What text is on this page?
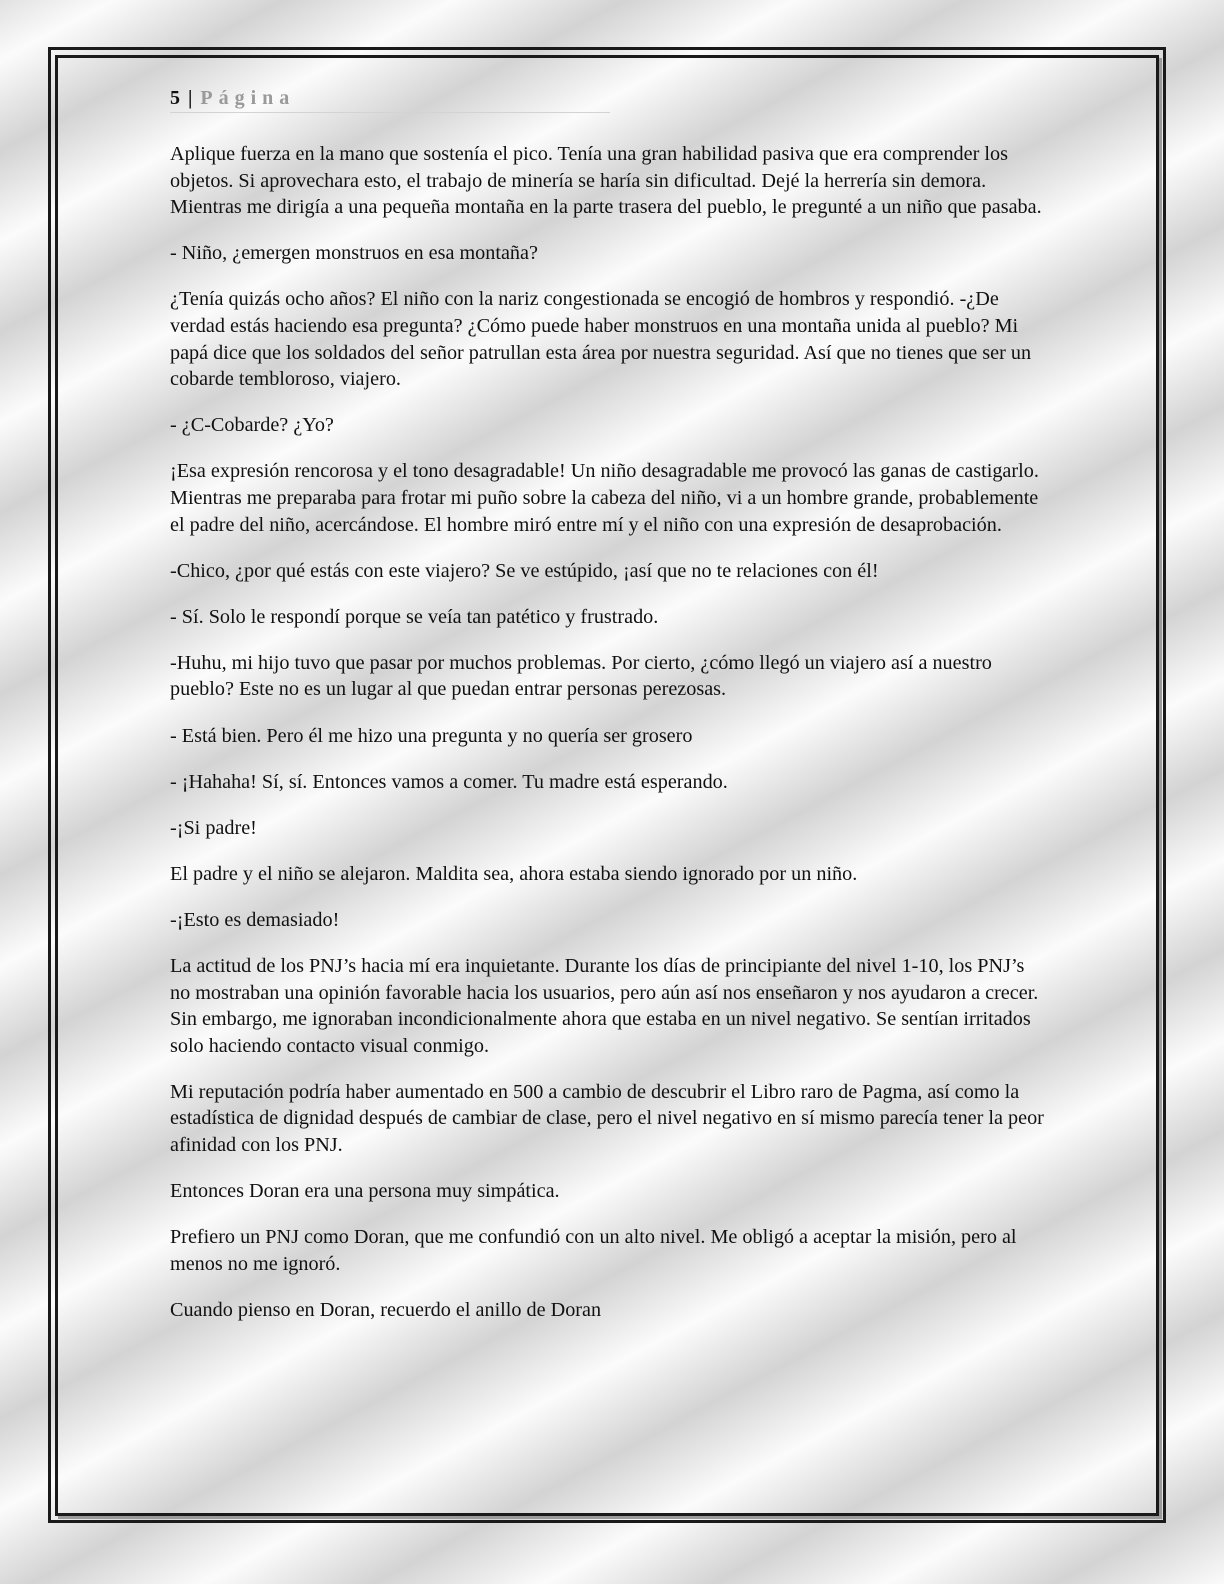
5 | Página

Aplique fuerza en la mano que sostenía el pico. Tenía una gran habilidad pasiva que era comprender los objetos. Si aprovechara esto, el trabajo de minería se haría sin dificultad. Dejé la herrería sin demora. Mientras me dirigía a una pequeña montaña en la parte trasera del pueblo, le pregunté a un niño que pasaba.

- Niño, ¿emergen monstruos en esa montaña?

¿Tenía quizás ocho años? El niño con la nariz congestionada se encogió de hombros y respondió. -¿De verdad estás haciendo esa pregunta? ¿Cómo puede haber monstruos en una montaña unida al pueblo? Mi papá dice que los soldados del señor patrullan esta área por nuestra seguridad. Así que no tienes que ser un cobarde tembloroso, viajero.

- ¿C-Cobarde? ¿Yo?

¡Esa expresión rencorosa y el tono desagradable! Un niño desagradable me provocó las ganas de castigarlo. Mientras me preparaba para frotar mi puño sobre la cabeza del niño, vi a un hombre grande, probablemente el padre del niño, acercándose. El hombre miró entre mí y el niño con una expresión de desaprobación.

-Chico, ¿por qué estás con este viajero? Se ve estúpido, ¡así que no te relaciones con él!

- Sí. Solo le respondí porque se veía tan patético y frustrado.

-Huhu, mi hijo tuvo que pasar por muchos problemas. Por cierto, ¿cómo llegó un viajero así a nuestro pueblo? Este no es un lugar al que puedan entrar personas perezosas.

- Está bien. Pero él me hizo una pregunta y no quería ser grosero

- ¡Hahaha! Sí, sí. Entonces vamos a comer. Tu madre está esperando.

-¡Si padre!

El padre y el niño se alejaron. Maldita sea, ahora estaba siendo ignorado por un niño.

-¡Esto es demasiado!

La actitud de los PNJ’s hacia mí era inquietante. Durante los días de principiante del nivel 1-10, los PNJ’s no mostraban una opinión favorable hacia los usuarios, pero aún así nos enseñaron y nos ayudaron a crecer. Sin embargo, me ignoraban incondicionalmente ahora que estaba en un nivel negativo. Se sentían irritados solo haciendo contacto visual conmigo.

Mi reputación podría haber aumentado en 500 a cambio de descubrir el Libro raro de Pagma, así como la estadística de dignidad después de cambiar de clase, pero el nivel negativo en sí mismo parecía tener la peor afinidad con los PNJ.

Entonces Doran era una persona muy simpática.

Prefiero un PNJ como Doran, que me confundió con un alto nivel. Me obligó a aceptar la misión, pero al menos no me ignoró.

Cuando pienso en Doran, recuerdo el anillo de Doran
